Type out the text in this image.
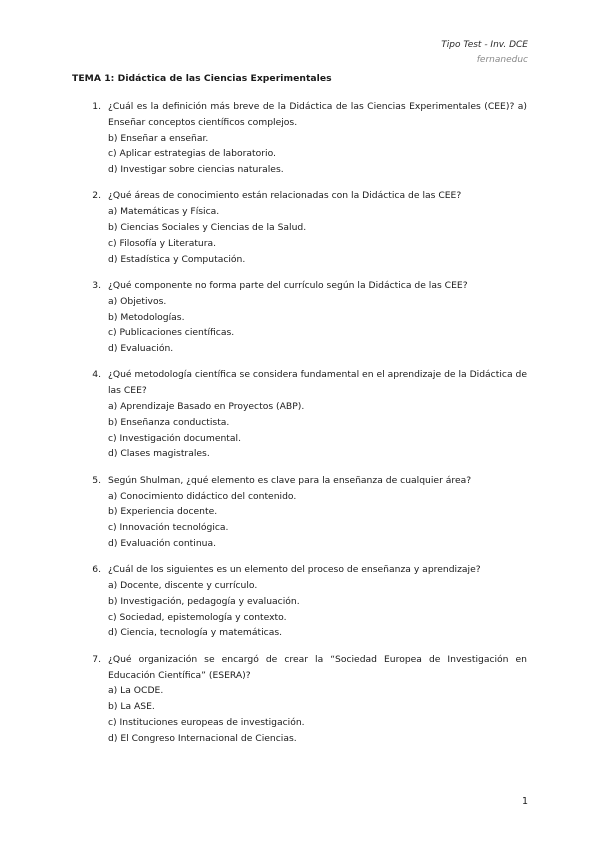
Tipo Test - Inv. DCE
fernaneduc
TEMA 1: Didáctica de las Ciencias Experimentales
1. ¿Cuál es la definición más breve de la Didáctica de las Ciencias Experimentales (CEE)? a) Enseñar conceptos científicos complejos.
b) Enseñar a enseñar.
c) Aplicar estrategias de laboratorio.
d) Investigar sobre ciencias naturales.
2. ¿Qué áreas de conocimiento están relacionadas con la Didáctica de las CEE?
a) Matemáticas y Física.
b) Ciencias Sociales y Ciencias de la Salud.
c) Filosofía y Literatura.
d) Estadística y Computación.
3. ¿Qué componente no forma parte del currículo según la Didáctica de las CEE?
a) Objetivos.
b) Metodologías.
c) Publicaciones científicas.
d) Evaluación.
4. ¿Qué metodología científica se considera fundamental en el aprendizaje de la Didáctica de las CEE?
a) Aprendizaje Basado en Proyectos (ABP).
b) Enseñanza conductista.
c) Investigación documental.
d) Clases magistrales.
5. Según Shulman, ¿qué elemento es clave para la enseñanza de cualquier área?
a) Conocimiento didáctico del contenido.
b) Experiencia docente.
c) Innovación tecnológica.
d) Evaluación continua.
6. ¿Cuál de los siguientes es un elemento del proceso de enseñanza y aprendizaje?
a) Docente, discente y currículo.
b) Investigación, pedagogía y evaluación.
c) Sociedad, epistemología y contexto.
d) Ciencia, tecnología y matemáticas.
7. ¿Qué organización se encargó de crear la “Sociedad Europea de Investigación en Educación Científica” (ESERA)?
a) La OCDE.
b) La ASE.
c) Instituciones europeas de investigación.
d) El Congreso Internacional de Ciencias.
1
